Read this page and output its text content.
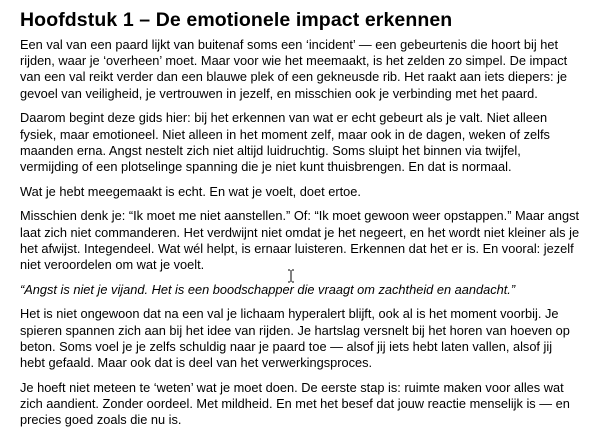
Hoofdstuk 1 – De emotionele impact erkennen

Een val van een paard lijkt van buitenaf soms een ‘incident’ — een gebeurtenis die hoort bij het rijden, waar je ‘overheen’ moet. Maar voor wie het meemaakt, is het zelden zo simpel. De impact van een val reikt verder dan een blauwe plek of een gekneusde rib. Het raakt aan iets diepers: je gevoel van veiligheid, je vertrouwen in jezelf, en misschien ook je verbinding met het paard.

Daarom begint deze gids hier: bij het erkennen van wat er echt gebeurt als je valt. Niet alleen fysiek, maar emotioneel. Niet alleen in het moment zelf, maar ook in de dagen, weken of zelfs maanden erna. Angst nestelt zich niet altijd luidruchtig. Soms sluipt het binnen via twijfel, vermijding of een plotselinge spanning die je niet kunt thuisbrengen. En dat is normaal.

Wat je hebt meegemaakt is echt. En wat je voelt, doet ertoe.

Misschien denk je: “Ik moet me niet aanstellen.” Of: “Ik moet gewoon weer opstappen.” Maar angst laat zich niet commanderen. Het verdwijnt niet omdat je het negeert, en het wordt niet kleiner als je het afwijst. Integendeel. Wat wél helpt, is ernaar luisteren. Erkennen dat het er is. En vooral: jezelf niet veroordelen om wat je voelt.

“Angst is niet je vijand. Het is een boodschapper die vraagt om zachtheid en aandacht.”

Het is niet ongewoon dat na een val je lichaam hyperalert blijft, ook al is het moment voorbij. Je spieren spannen zich aan bij het idee van rijden. Je hartslag versnelt bij het horen van hoeven op beton. Soms voel je je zelfs schuldig naar je paard toe — alsof jij iets hebt laten vallen, alsof jij hebt gefaald. Maar ook dat is deel van het verwerkingsproces.

Je hoeft niet meteen te ‘weten’ wat je moet doen. De eerste stap is: ruimte maken voor alles wat zich aandient. Zonder oordeel. Met mildheid. En met het besef dat jouw reactie menselijk is — en precies goed zoals die nu is.
